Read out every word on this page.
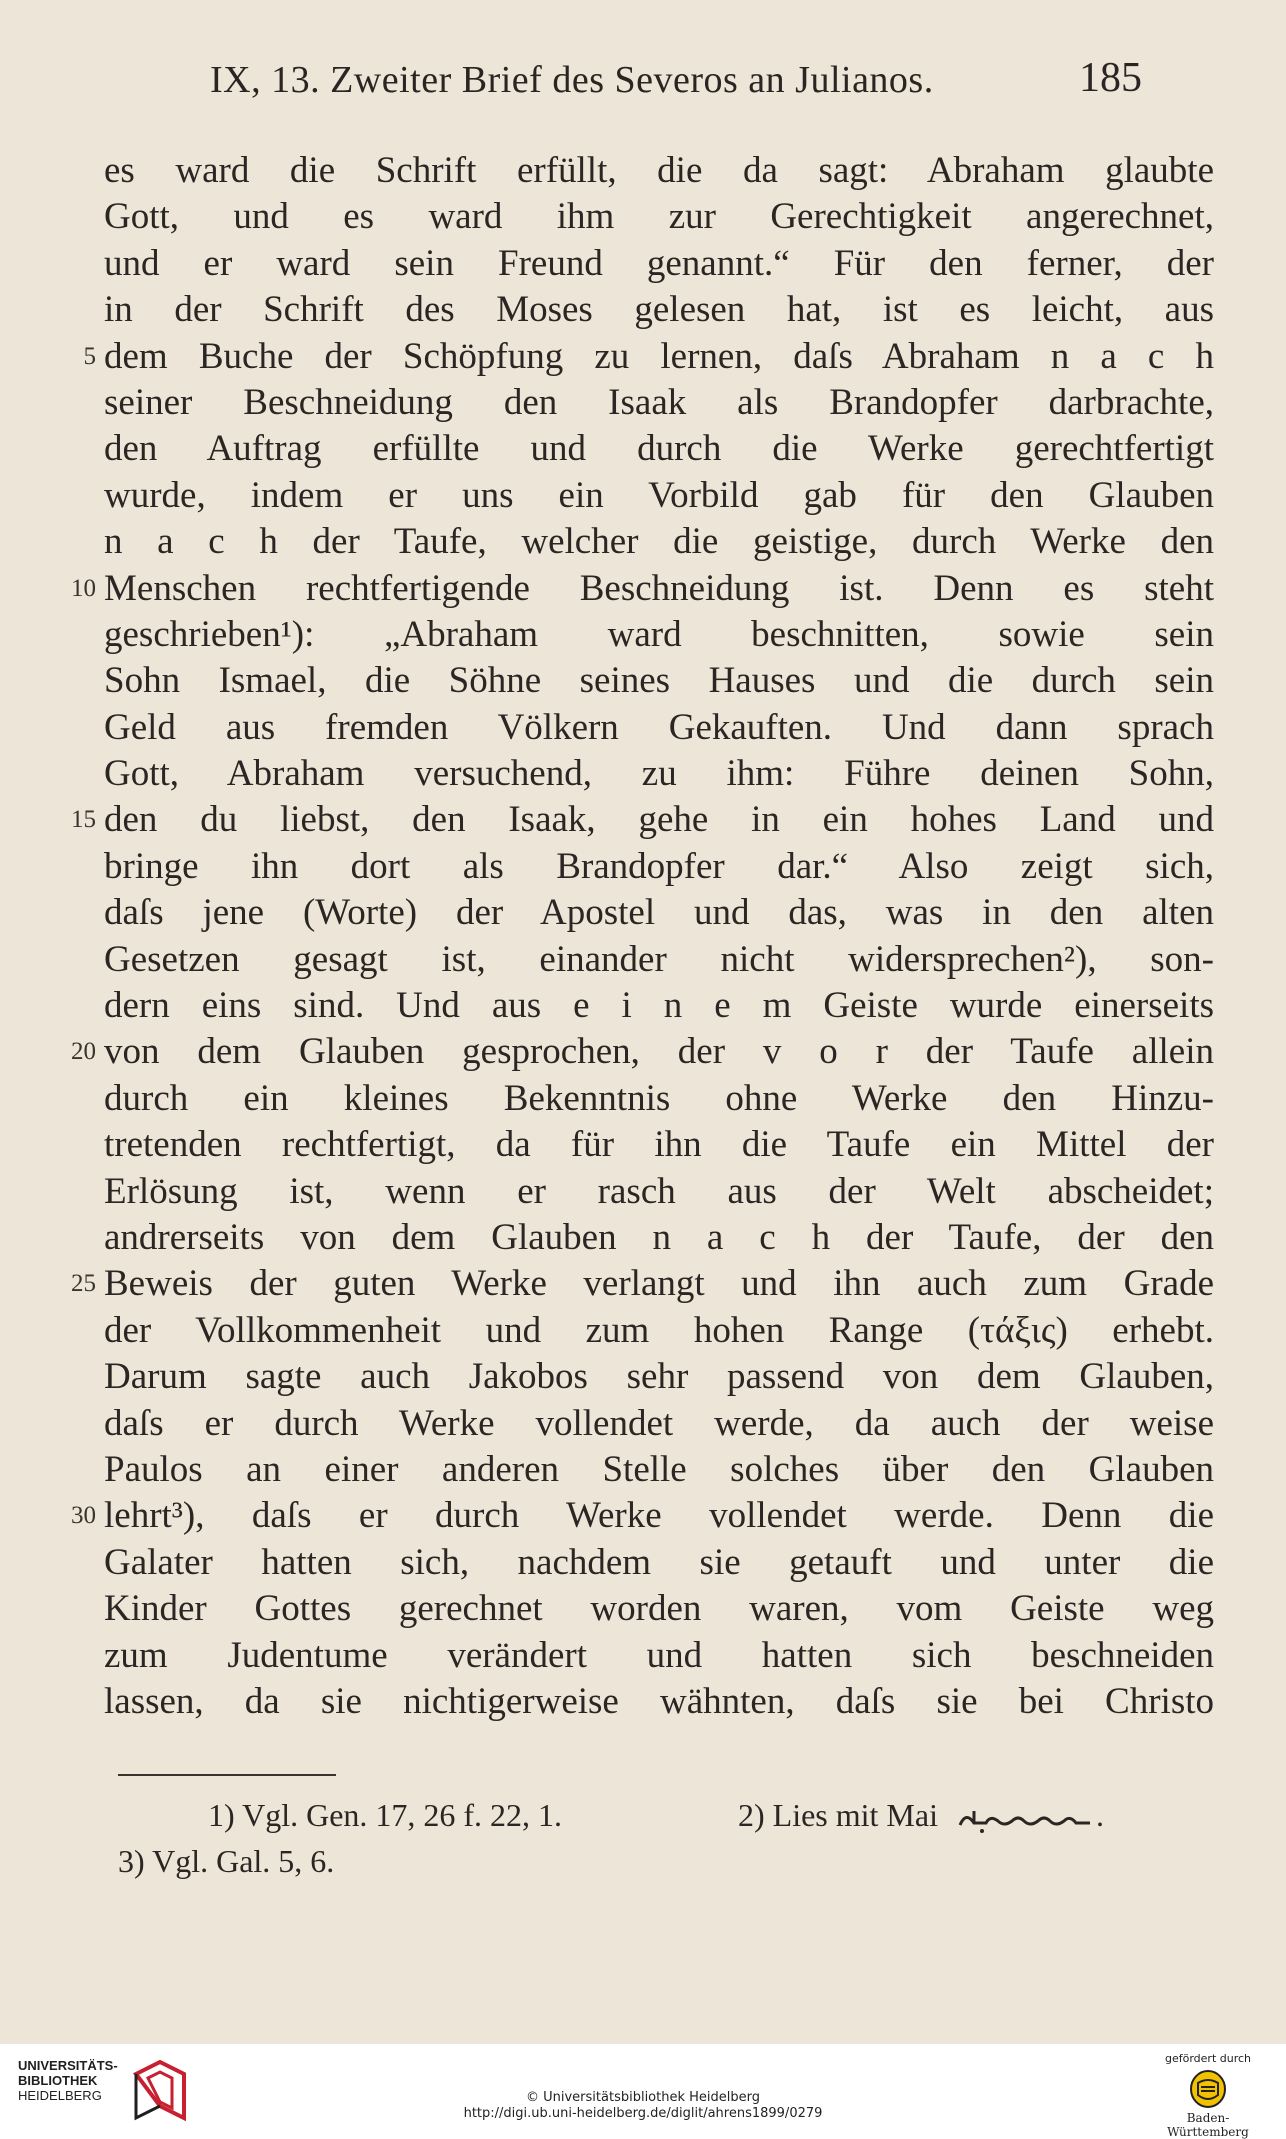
IX, 13. Zweiter Brief des Severos an Julianos.	185
es ward die Schrift erfüllt, die da sagt: Abraham glaubte
Gott, und es ward ihm zur Gerechtigkeit angerechnet,
und er ward sein Freund genannt.“ Für den ferner, der
in der Schrift des Moses gelesen hat, ist es leicht, aus
5 dem Buche der Schöpfung zu lernen, daſs Abraham n a c h
seiner Beschneidung den Isaak als Brandopfer darbrachte,
den Auftrag erfüllte und durch die Werke gerechtfertigt
wurde, indem er uns ein Vorbild gab für den Glauben
n a c h der Taufe, welcher die geistige, durch Werke den
10 Menschen rechtfertigende Beschneidung ist. Denn es steht
geschrieben¹): „Abraham ward beschnitten, sowie sein
Sohn Ismael, die Söhne seines Hauses und die durch sein
Geld aus fremden Völkern Gekauften. Und dann sprach
Gott, Abraham versuchend, zu ihm: Führe deinen Sohn,
15 den du liebst, den Isaak, gehe in ein hohes Land und
bringe ihn dort als Brandopfer dar.“ Also zeigt sich,
daſs jene (Worte) der Apostel und das, was in den alten
Gesetzen gesagt ist, einander nicht widersprechen²), son-
dern eins sind. Und aus e i n e m Geiste wurde einerseits
20 von dem Glauben gesprochen, der v o r der Taufe allein
durch ein kleines Bekenntnis ohne Werke den Hinzu-
tretenden rechtfertigt, da für ihn die Taufe ein Mittel der
Erlösung ist, wenn er rasch aus der Welt abscheidet;
andrerseits von dem Glauben n a c h der Taufe, der den
25 Beweis der guten Werke verlangt und ihn auch zum Grade
der Vollkommenheit und zum hohen Range (τάξις) erhebt.
Darum sagte auch Jakobos sehr passend von dem Glauben,
daſs er durch Werke vollendet werde, da auch der weise
Paulos an einer anderen Stelle solches über den Glauben
30 lehrt³), daſs er durch Werke vollendet werde. Denn die
Galater hatten sich, nachdem sie getauft und unter die
Kinder Gottes gerechnet worden waren, vom Geiste weg
zum Judentume verändert und hatten sich beschneiden
lassen, da sie nichtigerweise wähnten, daſs sie bei Christo
1) Vgl. Gen. 17, 26 f. 22, 1.	2) Lies mit Mai	.
3) Vgl. Gal. 5, 6.
UNIVERSITÄTS-
BIBLIOTHEK
HEIDELBERG	© Universitätsbibliothek Heidelberg
http://digi.ub.uni-heidelberg.de/diglit/ahrens1899/0279
gefördert durch
Baden-Württemberg
